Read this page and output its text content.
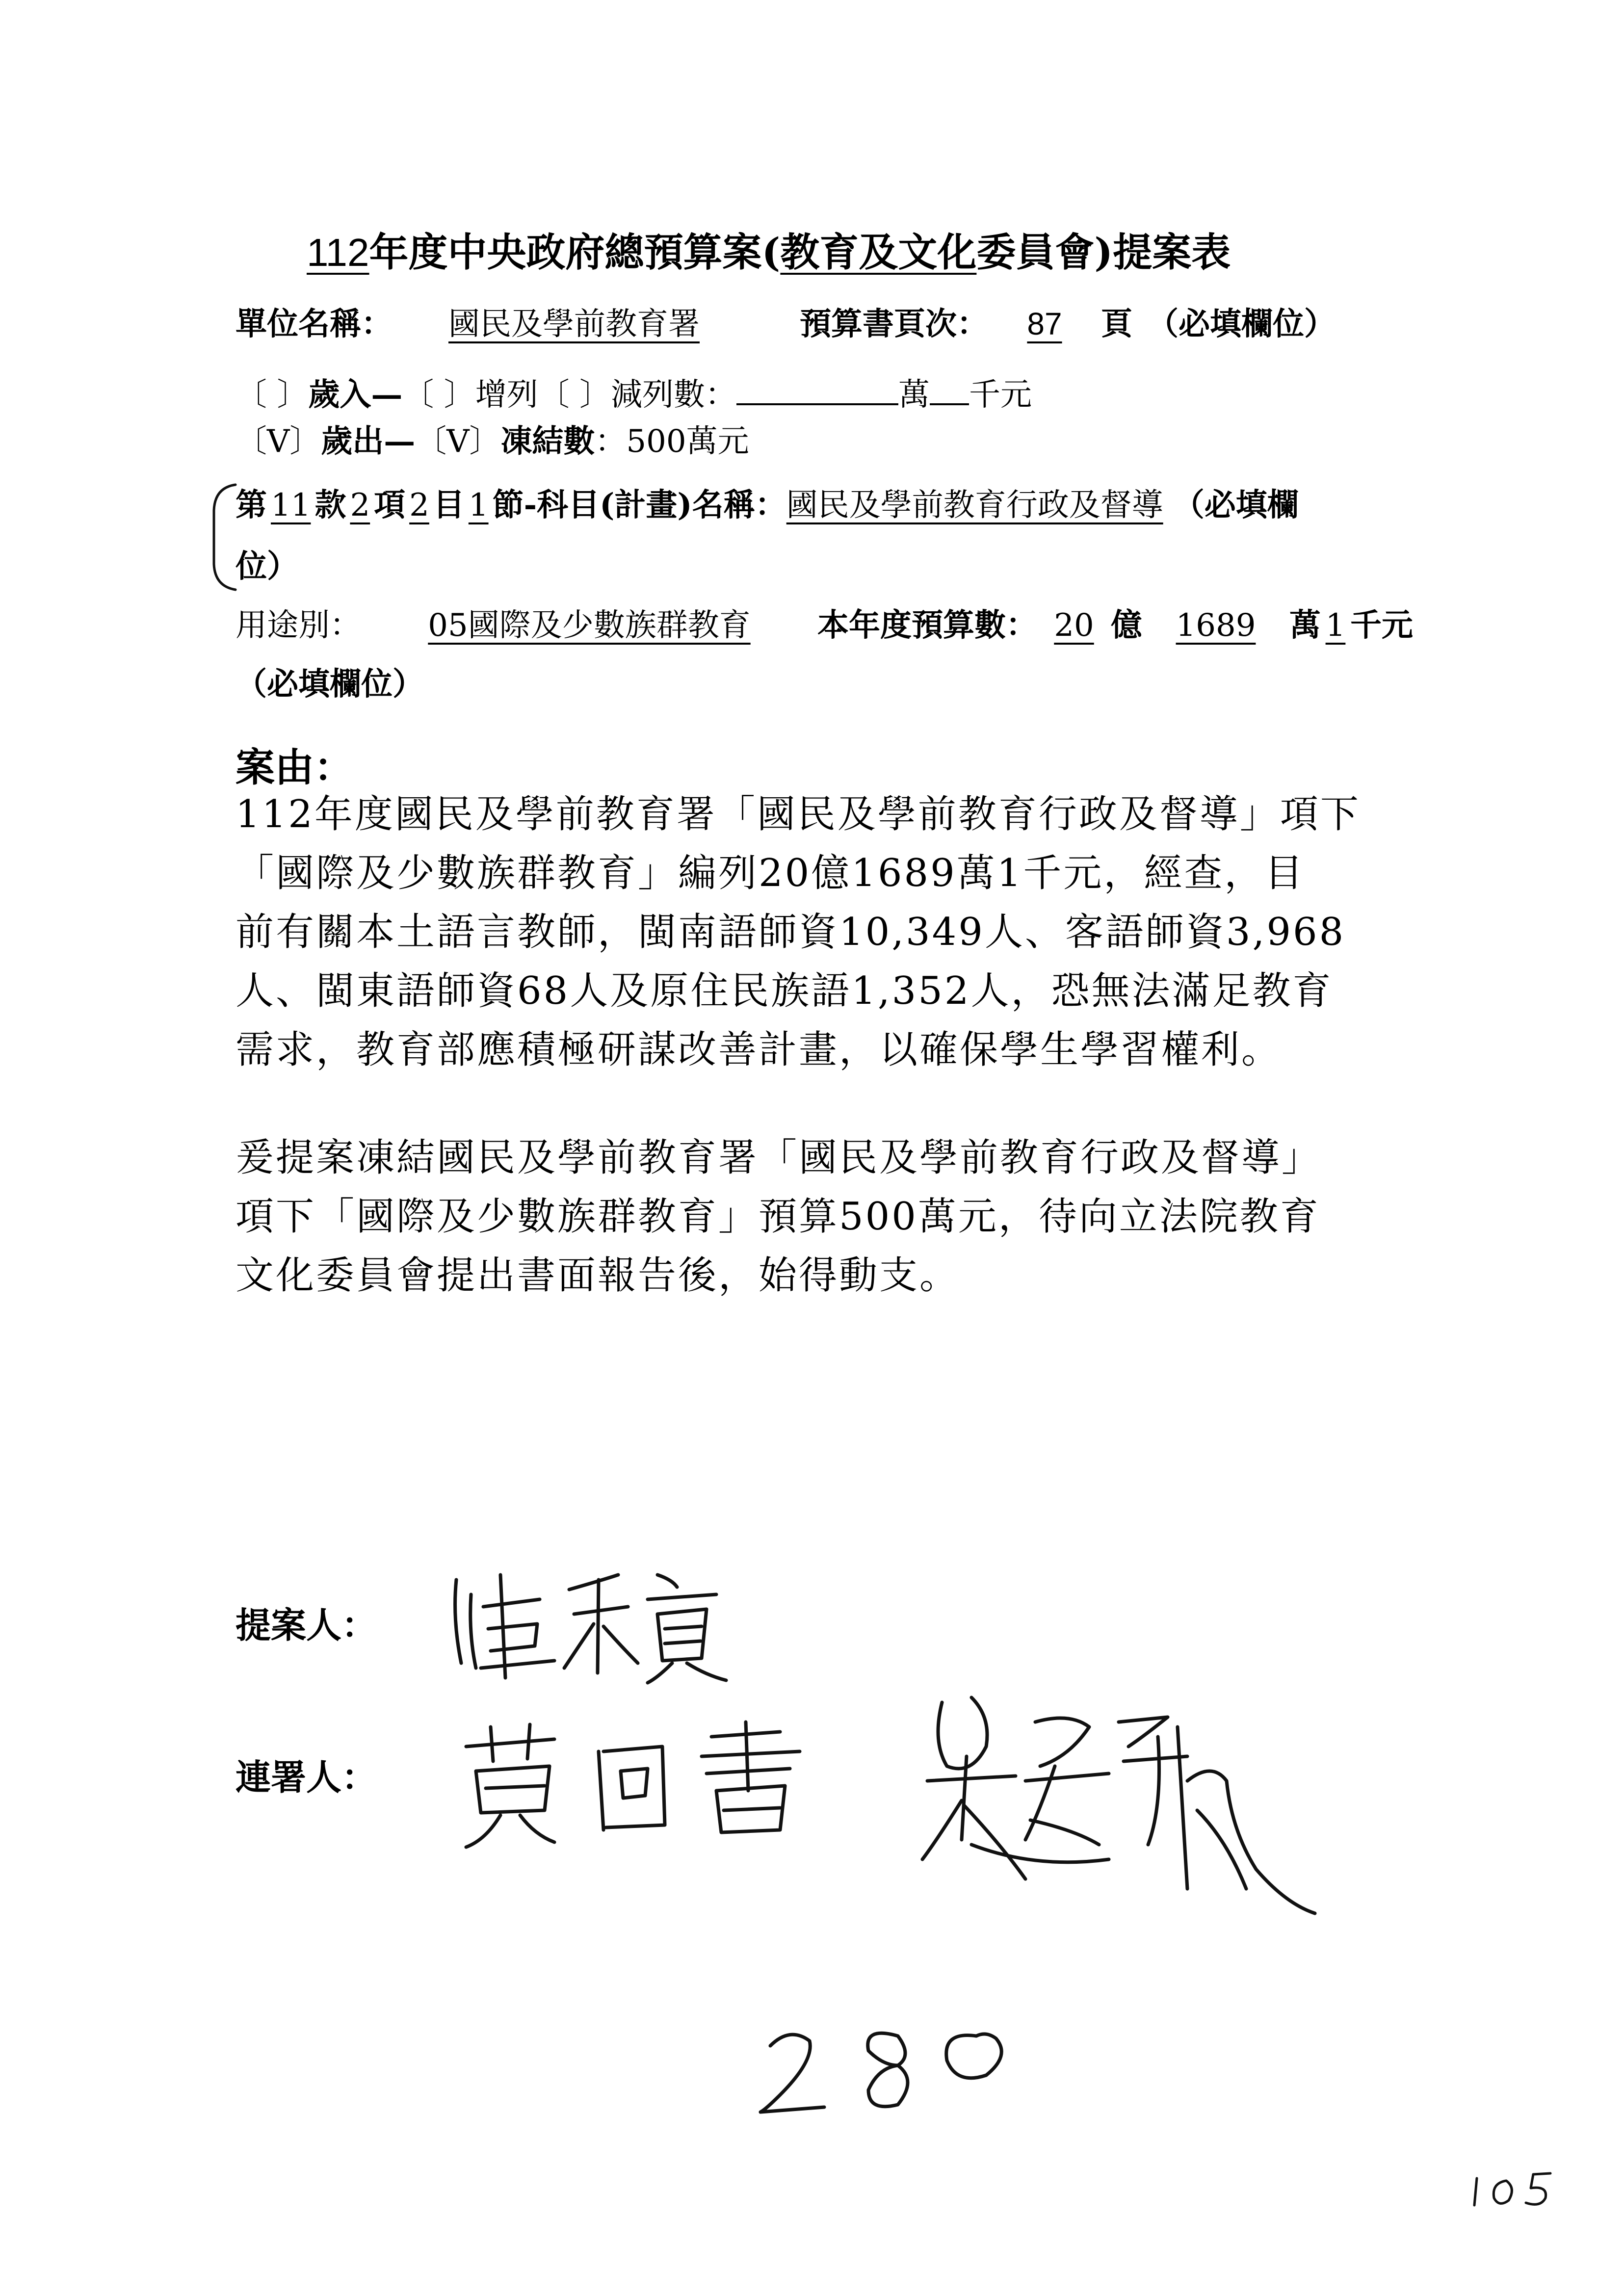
112年度中央政府總預算案(教育及文化委員會)提案表
單位名稱： 國民及學前教育署	預算書頁次： 87 頁 （必填欄位）
〔 〕歲入—〔 〕增列〔 〕減列數：	萬 千元
〔V〕歲出—〔V〕凍結數：500萬元
第 11 款 2 項 2 目 1 節-科目(計畫)名稱：國民及學前教育行政及督導 （必填欄
位）
用途別： 05國際及少數族群教育 本年度預算數： 20 億 1689 萬 1 千元
（必填欄位）
案由：
112年度國民及學前教育署「國民及學前教育行政及督導」項下
「國際及少數族群教育」編列20億1689萬1千元，經查，目
前有關本土語言教師，閩南語師資10,349人、客語師資3,968
人、閩東語師資68人及原住民族語1,352人，恐無法滿足教育
需求，教育部應積極研謀改善計畫，以確保學生學習權利。
爰提案凍結國民及學前教育署「國民及學前教育行政及督導」
項下「國際及少數族群教育」預算500萬元，待向立法院教育
文化委員會提出書面報告後，始得動支。
提案人：
連署人：
